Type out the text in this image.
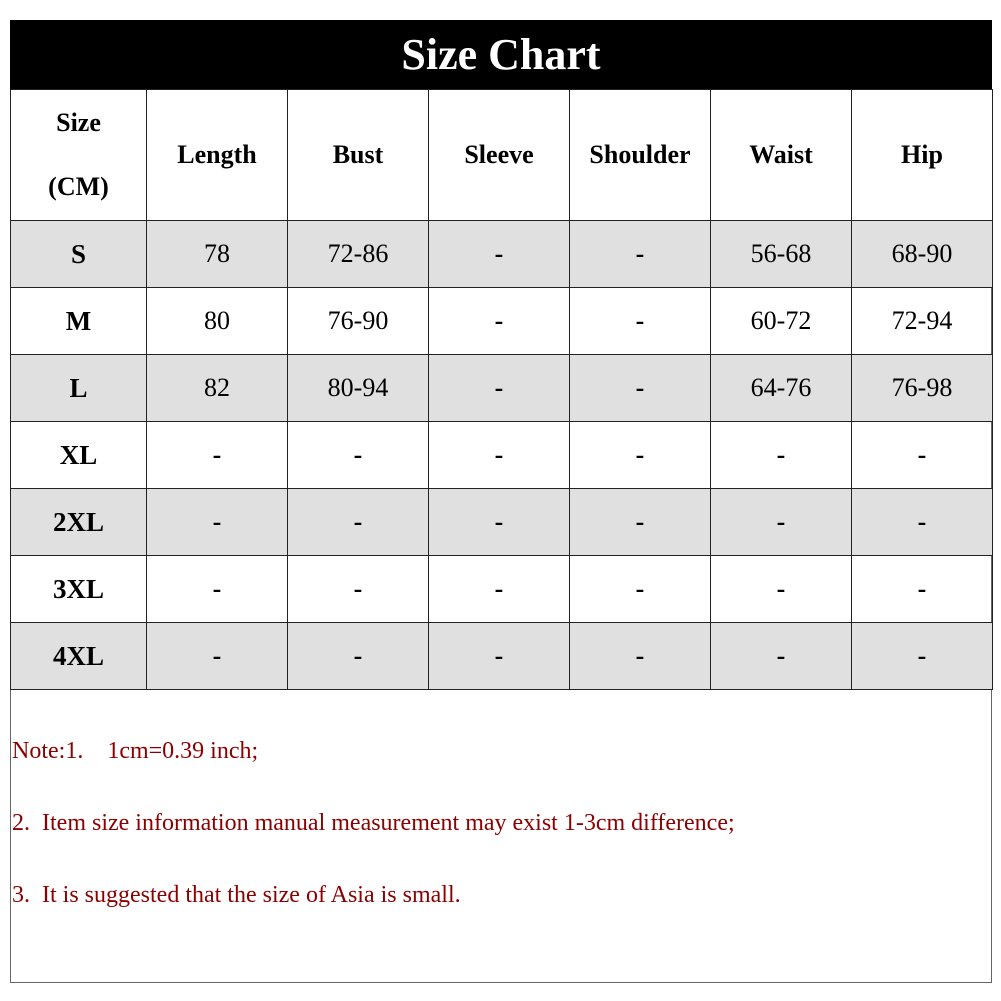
Size Chart
Size
(CM)	Length	Bust	Sleeve	Shoulder	Waist	Hip
S	78	72-86	-	-	56-68	68-90
M	80	76-90	-	-	60-72	72-94
L	82	80-94	-	-	64-76	76-98
XL	-	-	-	-	-	-
2XL	-	-	-	-	-	-
3XL	-	-	-	-	-	-
4XL	-	-	-	-	-	-
Note:1.    1cm=0.39 inch;
2.  Item size information manual measurement may exist 1-3cm difference;
3.  It is suggested that the size of Asia is small.
